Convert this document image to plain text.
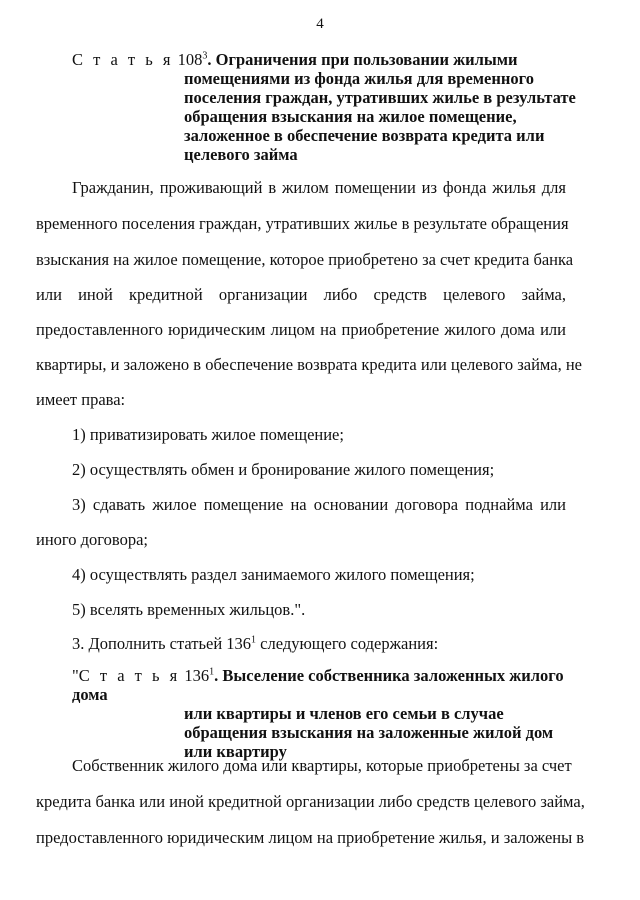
4
С т а т ь я $108^3$. Ограничения при пользовании жилыми
помещениями из фонда жилья для временного
поселения граждан, утративших жилье в результате
обращения взыскания на жилое помещение,
заложенное в обеспечение возврата кредита или
целевого займа
Гражданин, проживающий в жилом помещении из фонда жилья для
временного поселения граждан, утративших жилье в результате обращения
взыскания на жилое помещение, которое приобретено за счет кредита банка
или иной кредитной организации либо средств целевого займа,
предоставленного юридическим лицом на приобретение жилого дома или
квартиры, и заложено в обеспечение возврата кредита или целевого займа, не
имеет права:
1) приватизировать жилое помещение;
2) осуществлять обмен и бронирование жилого помещения;
3) сдавать жилое помещение на основании договора поднайма или
иного договора;
4) осуществлять раздел занимаемого жилого помещения;
5) вселять временных жильцов.".
3. Дополнить статьей $136^1$ следующего содержания:
"С т а т ь я $136^1$. Выселение собственника заложенных жилого дома
или квартиры и членов его семьи в случае
обращения взыскания на заложенные жилой дом
или квартиру
Собственник жилого дома или квартиры, которые приобретены за счет
кредита банка или иной кредитной организации либо средств целевого займа,
предоставленного юридическим лицом на приобретение жилья, и заложены в
